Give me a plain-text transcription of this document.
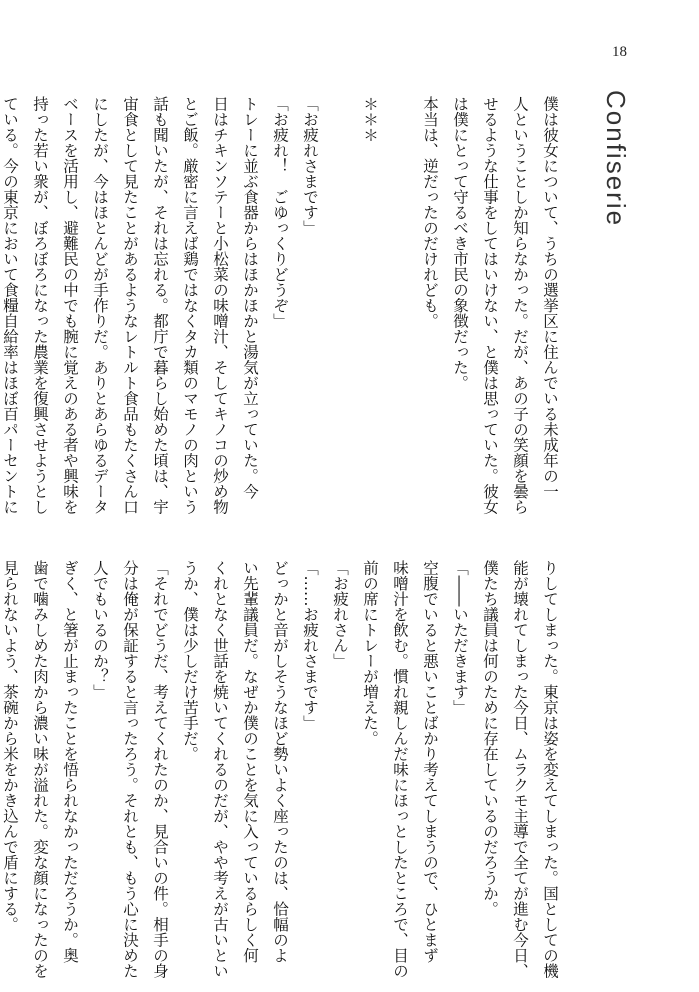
18
Confiserie
僕は彼女について、うちの選挙区に住んでいる未成年の一
人ということしか知らなかった。だが、あの子の笑顔を曇ら
せるような仕事をしてはいけない、と僕は思っていた。彼女
は僕にとって守るべき市民の象徴だった。
本当は、逆だったのだけれども。

＊＊＊

「お疲れさまです」
「お疲れ！　ごゆっくりどうぞ」
トレーに並ぶ食器からはほかほかと湯気が立っていた。今
日はチキンソテーと小松菜の味噌汁、そしてキノコの炒め物
とご飯。厳密に言えば鶏ではなくタカ類のマモノの肉という
話も聞いたが、それは忘れる。都庁で暮らし始めた頃は、宇
宙食として見たことがあるようなレトルト食品もたくさん口
にしたが、今はほとんどが手作りだ。ありとあらゆるデータ
ベースを活用し、避難民の中でも腕に覚えのある者や興味を
持った若い衆が、ぼろぼろになった農業を復興させようとし
ている。今の東京において食糧自給率はほぼ百パーセントに
りしてしまった。東京は姿を変えてしまった。国としての機
能が壊れてしまった今日、ムラクモ主導で全てが進む今日、
僕たち議員は何のために存在しているのだろうか。
「――いただきます」
空腹でいると悪いことばかり考えてしまうので、ひとまず
味噌汁を飲む。慣れ親しんだ味にほっとしたところで、目の
前の席にトレーが増えた。
「お疲れさん」
「……お疲れさまです」
どっかと音がしそうなほど勢いよく座ったのは、恰幅のよ
い先輩議員だ。なぜか僕のことを気に入っているらしく何
くれとなく世話を焼いてくれるのだが、やや考えが古いとい
うか、僕は少しだけ苦手だ。
「それでどうだ、考えてくれたのか、見合いの件。相手の身
分は俺が保証すると言ったろう。それとも、もう心に決めた
人でもいるのか？」
ぎく、と箸が止まったことを悟られなかっただろうか。奥
歯で噛みしめた肉から濃い味が溢れた。変な顔になったのを
見られないよう、茶碗から米をかき込んで盾にする。
